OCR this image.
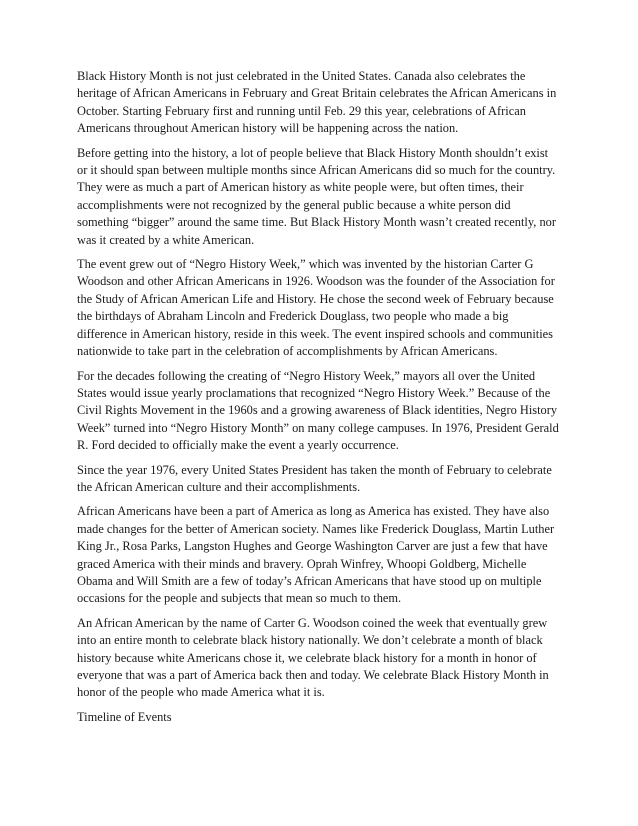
Black History Month is not just celebrated in the United States. Canada also celebrates the
heritage of African Americans in February and Great Britain celebrates the African Americans in
October. Starting February first and running until Feb. 29 this year, celebrations of African
Americans throughout American history will be happening across the nation.

Before getting into the history, a lot of people believe that Black History Month shouldn’t exist
or it should span between multiple months since African Americans did so much for the country.
They were as much a part of American history as white people were, but often times, their
accomplishments were not recognized by the general public because a white person did
something “bigger” around the same time. But Black History Month wasn’t created recently, nor
was it created by a white American.

The event grew out of “Negro History Week,” which was invented by the historian Carter G
Woodson and other African Americans in 1926. Woodson was the founder of the Association for
the Study of African American Life and History. He chose the second week of February because
the birthdays of Abraham Lincoln and Frederick Douglass, two people who made a big
difference in American history, reside in this week. The event inspired schools and communities
nationwide to take part in the celebration of accomplishments by African Americans.

For the decades following the creating of “Negro History Week,” mayors all over the United
States would issue yearly proclamations that recognized “Negro History Week.” Because of the
Civil Rights Movement in the 1960s and a growing awareness of Black identities, Negro History
Week” turned into “Negro History Month” on many college campuses. In 1976, President Gerald
R. Ford decided to officially make the event a yearly occurrence.

Since the year 1976, every United States President has taken the month of February to celebrate
the African American culture and their accomplishments.

African Americans have been a part of America as long as America has existed. They have also
made changes for the better of American society. Names like Frederick Douglass, Martin Luther
King Jr., Rosa Parks, Langston Hughes and George Washington Carver are just a few that have
graced America with their minds and bravery. Oprah Winfrey, Whoopi Goldberg, Michelle
Obama and Will Smith are a few of today’s African Americans that have stood up on multiple
occasions for the people and subjects that mean so much to them.

An African American by the name of Carter G. Woodson coined the week that eventually grew
into an entire month to celebrate black history nationally. We don’t celebrate a month of black
history because white Americans chose it, we celebrate black history for a month in honor of
everyone that was a part of America back then and today. We celebrate Black History Month in
honor of the people who made America what it is.

Timeline of Events
